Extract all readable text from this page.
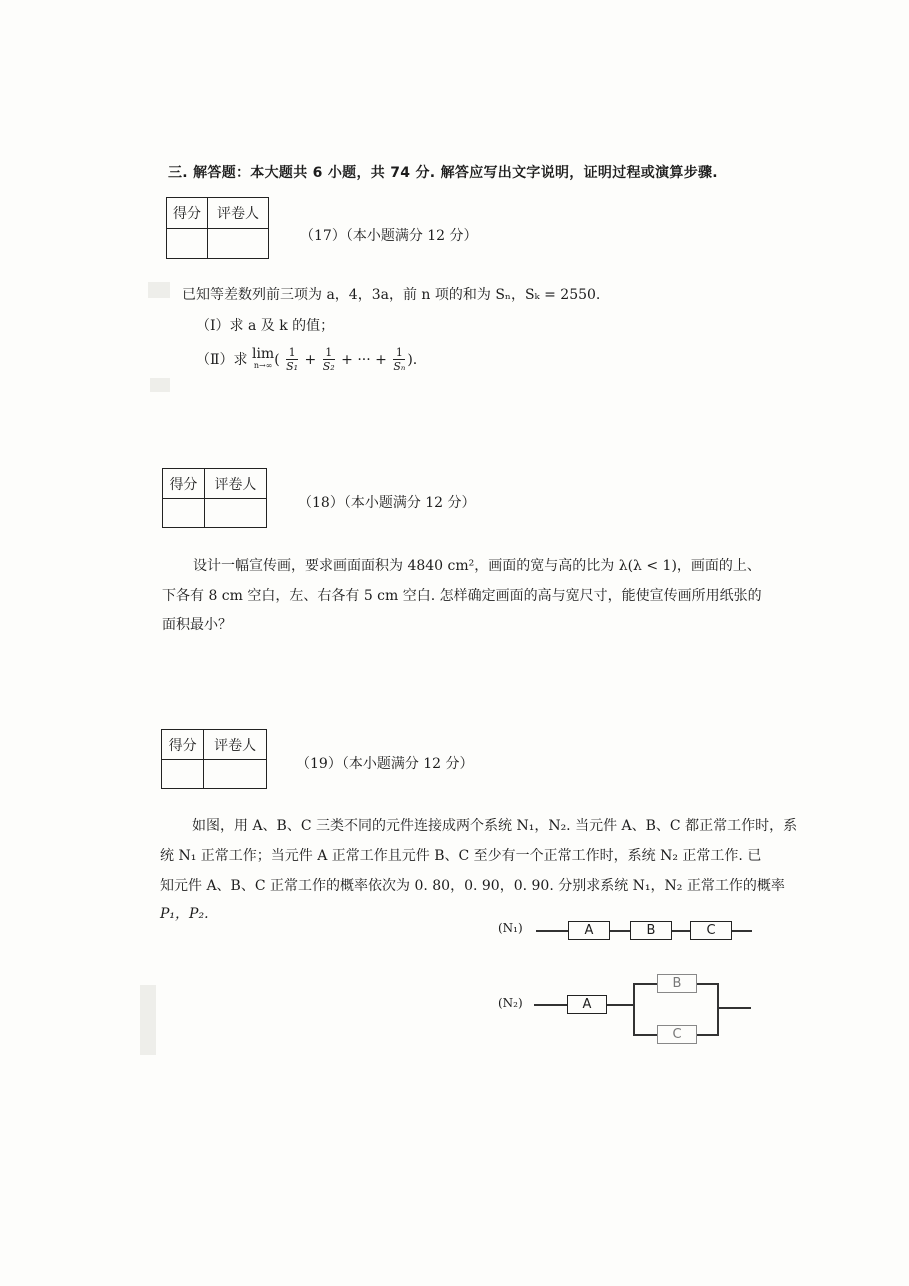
三. 解答题：本大题共 6 小题，共 74 分. 解答应写出文字说明，证明过程或演算步骤.
得分	评卷人

（17）（本小题满分 12 分）
已知等差数列前三项为 a，4，3a，前 n 项的和为 Sₙ，Sₖ = 2550.
（Ⅰ）求 a 及 k 的值；
（Ⅱ）求 lim
n→∞ ( $\frac{1}{\text{S₁}} + \frac{1}{\text{S₂}}$ + ··· + $\frac{1}{\text{Sₙ}}$ ).
得分	评卷人

（18）（本小题满分 12 分）
设计一幅宣传画，要求画面面积为 4840 cm²，画面的宽与高的比为 λ(λ < 1)，画面的上、
下各有 8 cm 空白，左、右各有 5 cm 空白. 怎样确定画面的高与宽尺寸，能使宣传画所用纸张的
面积最小？
得分	评卷人

（19）（本小题满分 12 分）
如图，用 A、B、C 三类不同的元件连接成两个系统 N₁，N₂. 当元件 A、B、C 都正常工作时，系
统 N₁ 正常工作；当元件 A 正常工作且元件 B、C 至少有一个正常工作时，系统 N₂ 正常工作. 已
知元件 A、B、C 正常工作的概率依次为 0. 80，0. 90，0. 90. 分别求系统 N₁，N₂ 正常工作的概率
P₁，P₂.
(N₁)	A	B	C
(N₂)	A
B
C
